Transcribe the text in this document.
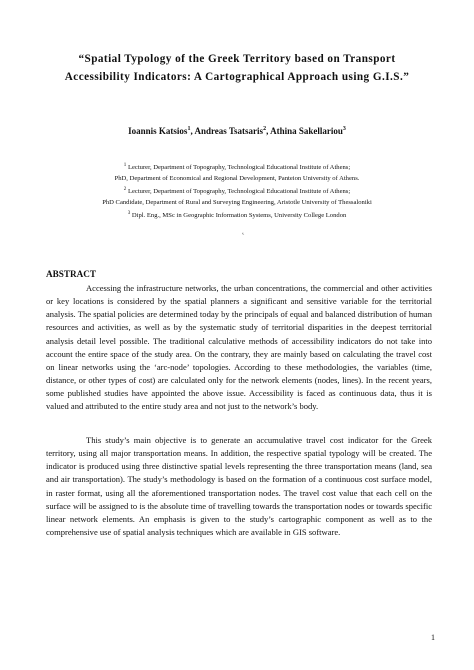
“Spatial Typology of the Greek Territory based on Transport
Accessibility Indicators: A Cartographical Approach using G.I.S.”
Ioannis Katsios$^1$, Andreas Tsatsaris$^2$, Athina Sakellariou$^3$
$^1$ Lecturer, Department of Topography, Technological Educational Institute of Athens;
PhD, Department of Economical and Regional Development, Panteion University of Athens.
$^2$ Lecturer, Department of Topography, Technological Educational Institute of Athens;
PhD Candidate, Department of Rural and Surveying Engineering, Aristotle University of Thessaloniki
$^3$ Dipl. Eng., MSc in Geographic Information Systems, University College London
˛
ABSTRACT

Accessing the infrastructure networks, the urban concentrations, the commercial and other activities or key locations is considered by the spatial planners a significant and sensitive variable for the territorial analysis. The spatial policies are determined today by the principals of equal and balanced distribution of human resources and activities, as well as by the systematic study of territorial disparities in the deepest territorial analysis detail level possible. The traditional calculative methods of accessibility indicators do not take into account the entire space of the study area. On the contrary, they are mainly based on calculating the travel cost on linear networks using the ‘arc-node’ topologies. According to these methodologies, the variables (time, distance, or other types of cost) are calculated only for the network elements (nodes, lines). In the recent years, some published studies have appointed the above issue. Accessibility is faced as continuous data, thus it is valued and attributed to the entire study area and not just to the network’s body.

This study’s main objective is to generate an accumulative travel cost indicator for the Greek territory, using all major transportation means. In addition, the respective spatial typology will be created. The indicator is produced using three distinctive spatial levels representing the three transportation means (land, sea and air transportation). The study’s methodology is based on the formation of a continuous cost surface model, in raster format, using all the aforementioned transportation nodes. The travel cost value that each cell on the surface will be assigned to is the absolute time of travelling towards the transportation nodes or towards specific linear network elements. An emphasis is given to the study’s cartographic component as well as to the comprehensive use of spatial analysis techniques which are available in GIS software.

1
